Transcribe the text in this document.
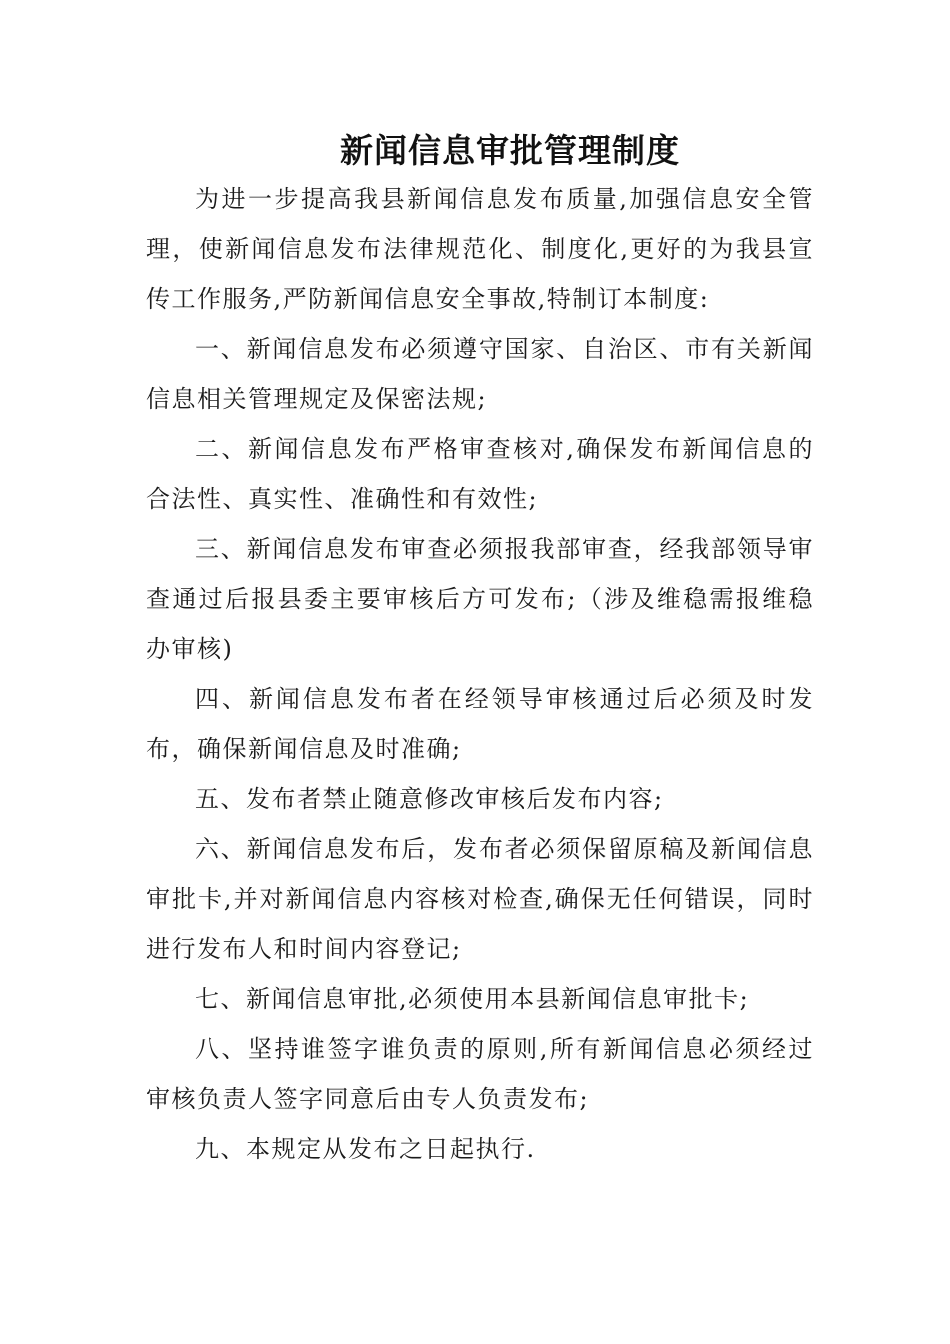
新闻信息审批管理制度

为进一步提高我县新闻信息发布质量,加强信息安全管理，使新闻信息发布法律规范化、制度化,更好的为我县宣传工作服务,严防新闻信息安全事故,特制订本制度:

一、新闻信息发布必须遵守国家、自治区、市有关新闻信息相关管理规定及保密法规;

二、新闻信息发布严格审查核对,确保发布新闻信息的合法性、真实性、准确性和有效性;

三、新闻信息发布审查必须报我部审查，经我部领导审查通过后报县委主要审核后方可发布;（涉及维稳需报维稳办审核)

四、新闻信息发布者在经领导审核通过后必须及时发布，确保新闻信息及时准确;

五、发布者禁止随意修改审核后发布内容;

六、新闻信息发布后，发布者必须保留原稿及新闻信息审批卡,并对新闻信息内容核对检查,确保无任何错误，同时进行发布人和时间内容登记;

七、新闻信息审批,必须使用本县新闻信息审批卡;

八、坚持谁签字谁负责的原则,所有新闻信息必须经过审核负责人签字同意后由专人负责发布;

九、本规定从发布之日起执行.
